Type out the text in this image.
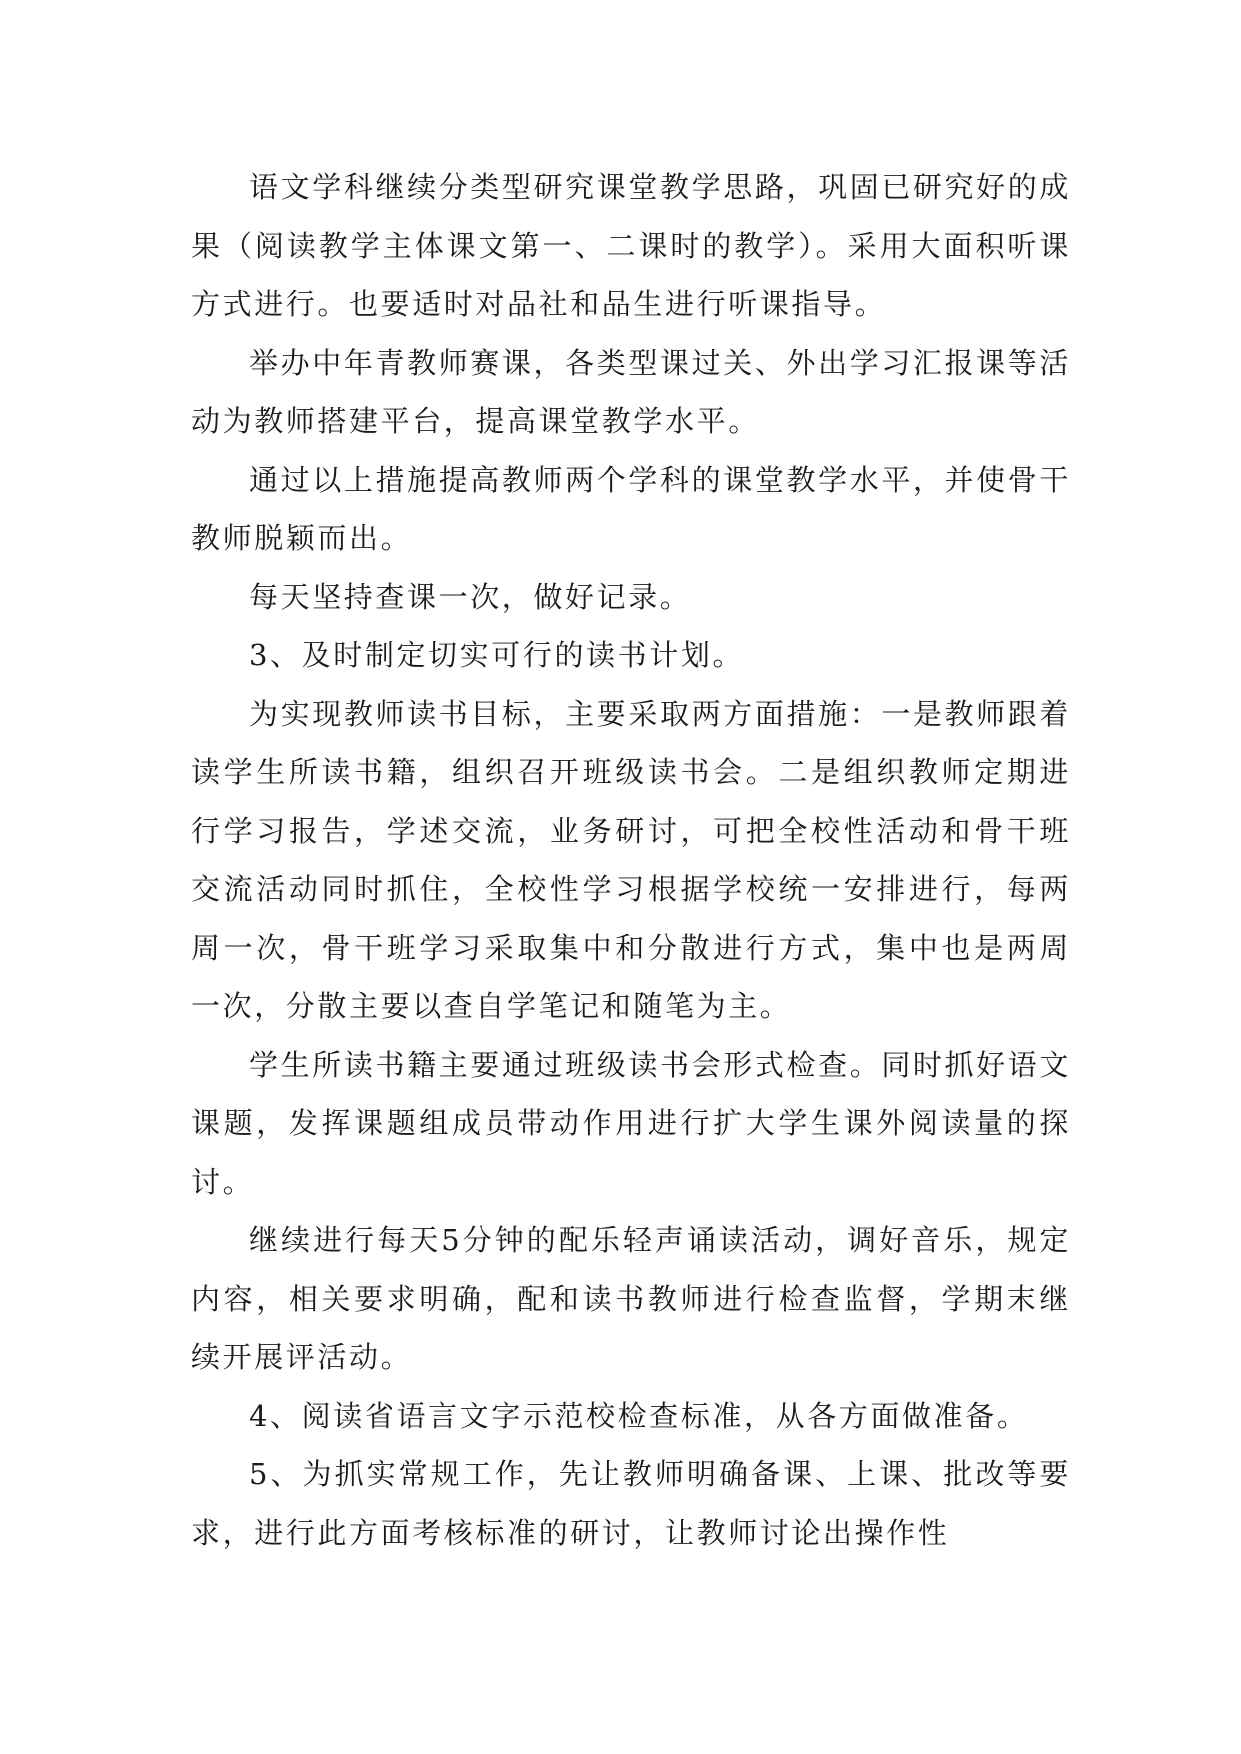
语文学科继续分类型研究课堂教学思路，巩固已研究好的成果（阅读教学主体课文第一、二课时的教学）。采用大面积听课方式进行。也要适时对品社和品生进行听课指导。

举办中年青教师赛课，各类型课过关、外出学习汇报课等活动为教师搭建平台，提高课堂教学水平。

通过以上措施提高教师两个学科的课堂教学水平，并使骨干教师脱颖而出。

每天坚持查课一次，做好记录。

3、及时制定切实可行的读书计划。

为实现教师读书目标，主要采取两方面措施：一是教师跟着读学生所读书籍，组织召开班级读书会。二是组织教师定期进行学习报告，学述交流，业务研讨，可把全校性活动和骨干班交流活动同时抓住，全校性学习根据学校统一安排进行，每两周一次，骨干班学习采取集中和分散进行方式，集中也是两周一次，分散主要以查自学笔记和随笔为主。

学生所读书籍主要通过班级读书会形式检查。同时抓好语文课题，发挥课题组成员带动作用进行扩大学生课外阅读量的探讨。

继续进行每天5分钟的配乐轻声诵读活动，调好音乐，规定内容，相关要求明确，配和读书教师进行检查监督，学期末继续开展评活动。

4、阅读省语言文字示范校检查标准，从各方面做准备。

5、为抓实常规工作，先让教师明确备课、上课、批改等要求，进行此方面考核标准的研讨，让教师讨论出操作性
